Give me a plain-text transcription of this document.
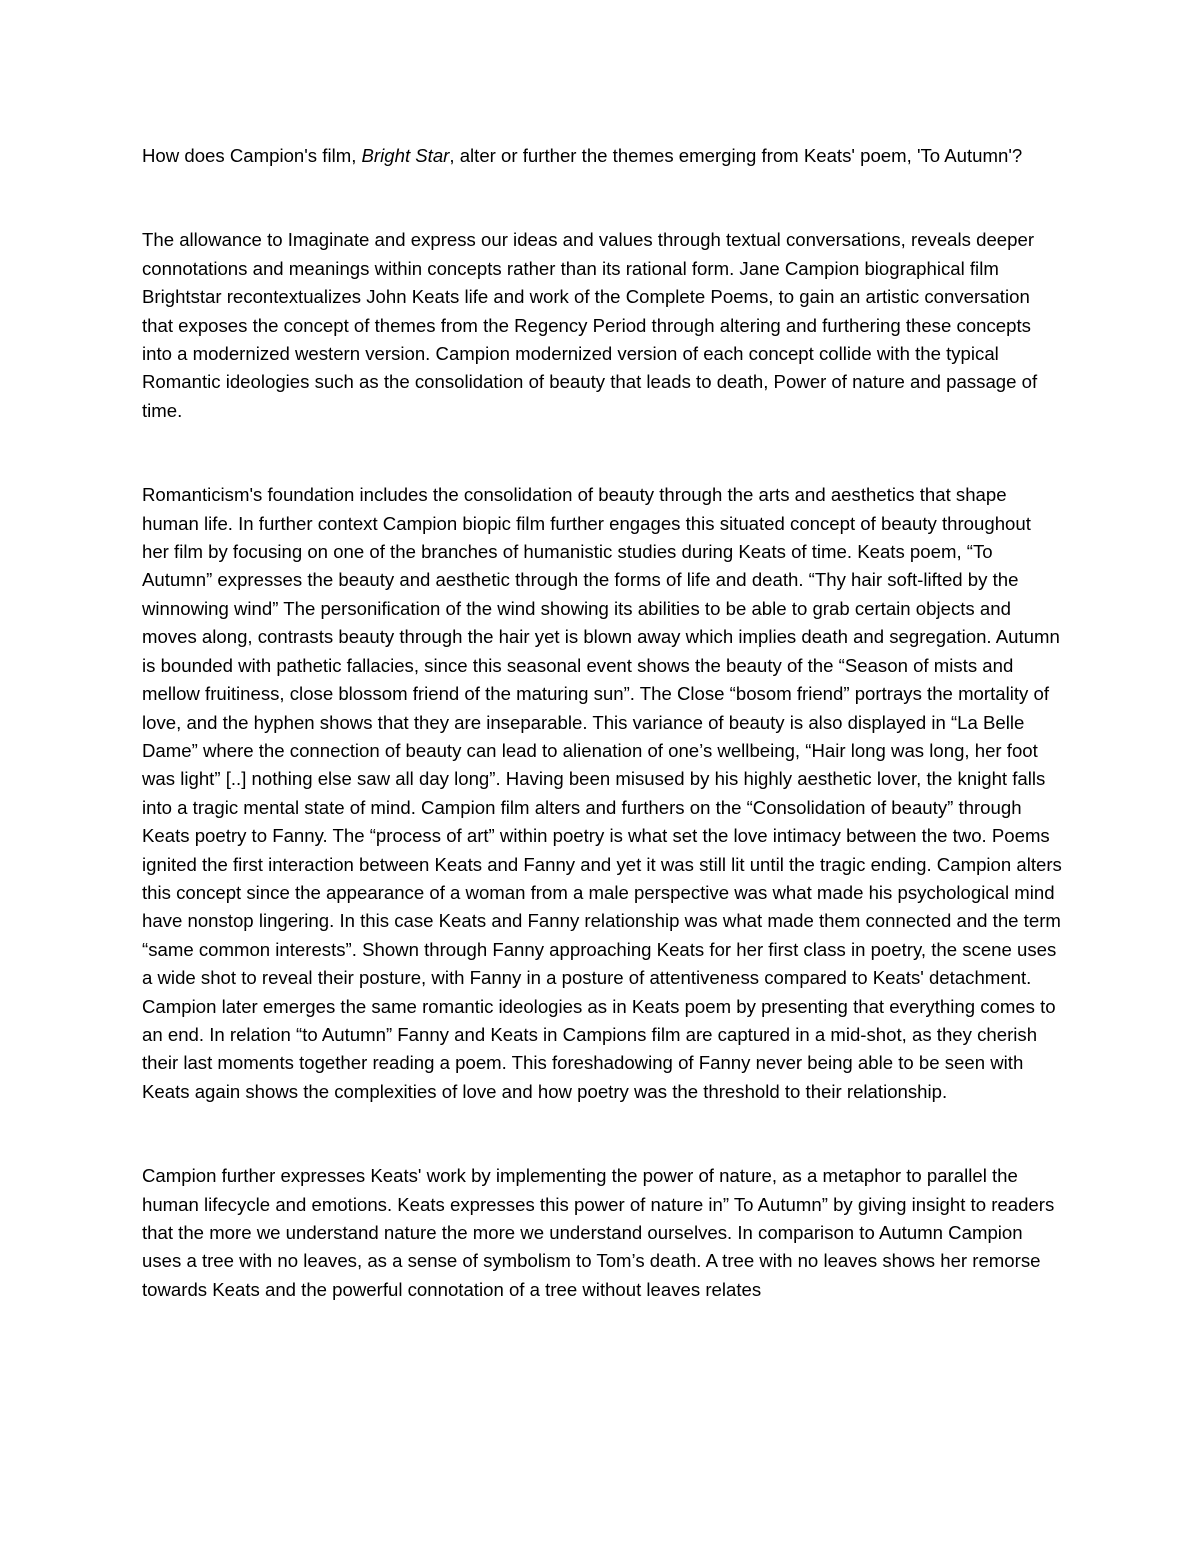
How does Campion's film, Bright Star, alter or further the themes emerging from Keats' poem, 'To Autumn'?

The allowance to Imaginate and express our ideas and values through textual conversations, reveals deeper connotations and meanings within concepts rather than its rational form. Jane Campion biographical film Brightstar recontextualizes John Keats life and work of the Complete Poems, to gain an artistic conversation that exposes the concept of themes from the Regency Period through altering and furthering these concepts into a modernized western version. Campion modernized version of each concept collide with the typical Romantic ideologies such as the consolidation of beauty that leads to death, Power of nature and passage of time.

Romanticism's foundation includes the consolidation of beauty through the arts and aesthetics that shape human life. In further context Campion biopic film further engages this situated concept of beauty throughout her film by focusing on one of the branches of humanistic studies during Keats of time. Keats poem, “To Autumn” expresses the beauty and aesthetic through the forms of life and death. “Thy hair soft-lifted by the winnowing wind” The personification of the wind showing its abilities to be able to grab certain objects and moves along, contrasts beauty through the hair yet is blown away which implies death and segregation. Autumn is bounded with pathetic fallacies, since this seasonal event shows the beauty of the “Season of mists and mellow fruitiness, close blossom friend of the maturing sun”. The Close “bosom friend” portrays the mortality of love, and the hyphen shows that they are inseparable. This variance of beauty is also displayed in “La Belle Dame” where the connection of beauty can lead to alienation of one’s wellbeing, “Hair long was long, her foot was light” [..] nothing else saw all day long”. Having been misused by his highly aesthetic lover, the knight falls into a tragic mental state of mind. Campion film alters and furthers on the “Consolidation of beauty” through Keats poetry to Fanny. The “process of art” within poetry is what set the love intimacy between the two. Poems ignited the first interaction between Keats and Fanny and yet it was still lit until the tragic ending. Campion alters this concept since the appearance of a woman from a male perspective was what made his psychological mind have nonstop lingering. In this case Keats and Fanny relationship was what made them connected and the term “same common interests”. Shown through Fanny approaching Keats for her first class in poetry, the scene uses a wide shot to reveal their posture, with Fanny in a posture of attentiveness compared to Keats' detachment. Campion later emerges the same romantic ideologies as in Keats poem by presenting that everything comes to an end. In relation “to Autumn” Fanny and Keats in Campions film are captured in a mid-shot, as they cherish their last moments together reading a poem. This foreshadowing of Fanny never being able to be seen with Keats again shows the complexities of love and how poetry was the threshold to their relationship.

Campion further expresses Keats' work by implementing the power of nature, as a metaphor to parallel the human lifecycle and emotions. Keats expresses this power of nature in” To Autumn” by giving insight to readers that the more we understand nature the more we understand ourselves. In comparison to Autumn Campion uses a tree with no leaves, as a sense of symbolism to Tom’s death. A tree with no leaves shows her remorse towards Keats and the powerful connotation of a tree without leaves relates
